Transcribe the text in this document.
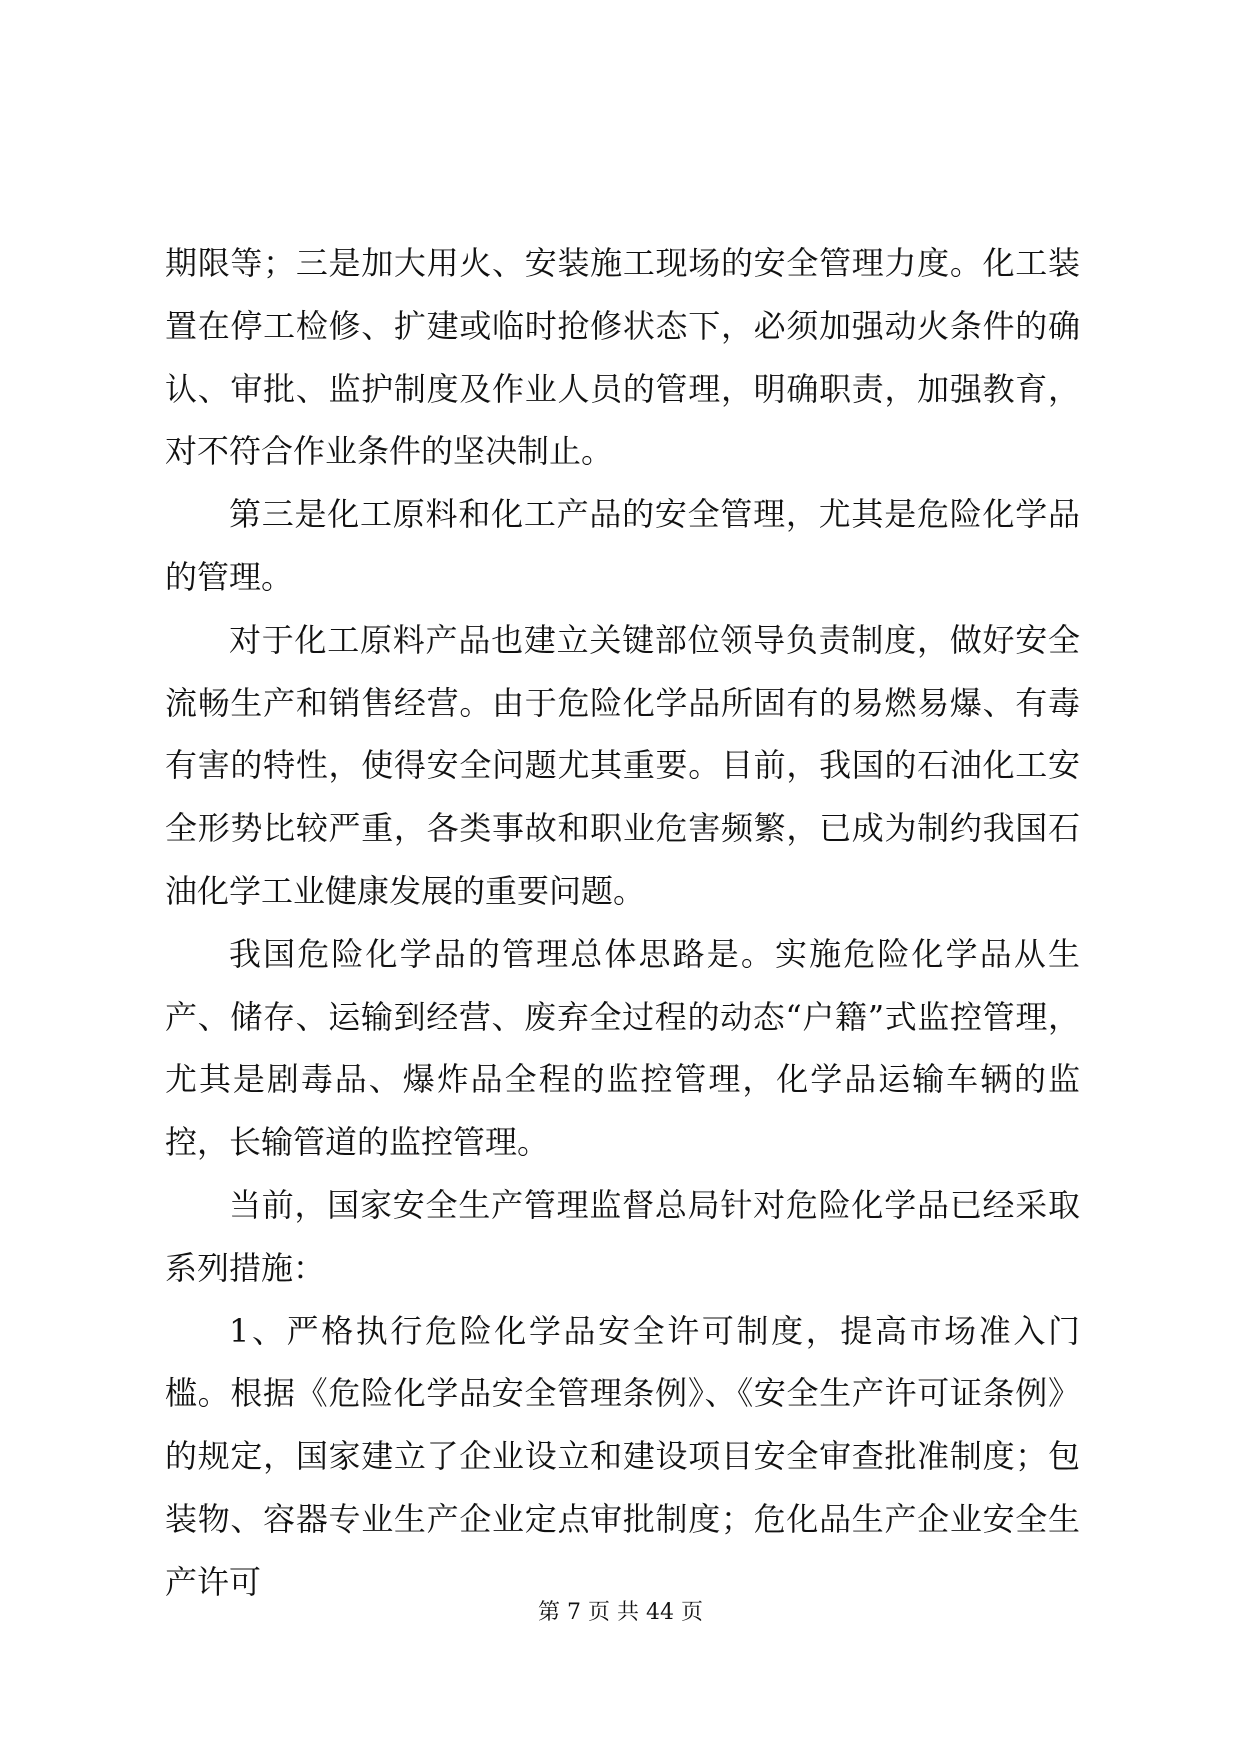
期限等；三是加大用火、安装施工现场的安全管理力度。化工装置在停工检修、扩建或临时抢修状态下，必须加强动火条件的确认、审批、监护制度及作业人员的管理，明确职责，加强教育，对不符合作业条件的坚决制止。

第三是化工原料和化工产品的安全管理，尤其是危险化学品的管理。

对于化工原料产品也建立关键部位领导负责制度，做好安全流畅生产和销售经营。由于危险化学品所固有的易燃易爆、有毒有害的特性，使得安全问题尤其重要。目前，我国的石油化工安全形势比较严重，各类事故和职业危害频繁，已成为制约我国石油化学工业健康发展的重要问题。

我国危险化学品的管理总体思路是。实施危险化学品从生产、储存、运输到经营、废弃全过程的动态“户籍”式监控管理，尤其是剧毒品、爆炸品全程的监控管理，化学品运输车辆的监控，长输管道的监控管理。

当前，国家安全生产管理监督总局针对危险化学品已经采取系列措施：

1、严格执行危险化学品安全许可制度，提高市场准入门槛。根据《危险化学品安全管理条例》、《安全生产许可证条例》的规定，国家建立了企业设立和建设项目安全审查批准制度；包装物、容器专业生产企业定点审批制度；危化品生产企业安全生产许可

第 7 页 共 44 页
